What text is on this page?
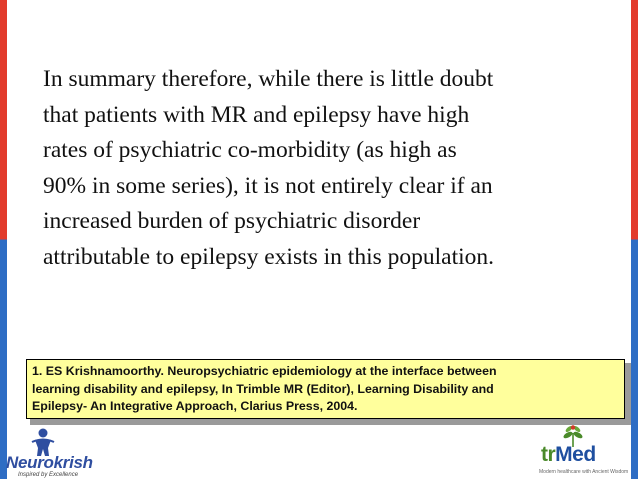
In summary therefore, while there is little doubt
that patients with MR and epilepsy have high
rates of psychiatric co-morbidity (as high as
90% in some series), it is not entirely clear if an
increased burden of psychiatric disorder
attributable to epilepsy exists in this population.
1. ES Krishnamoorthy. Neuropsychiatric epidemiology at the interface between
learning disability and epilepsy, In Trimble MR (Editor), Learning Disability and
Epilepsy- An Integrative Approach, Clarius Press, 2004.
Neurokrish
Inspired by Excellence
trMed
Modern healthcare with Ancient Wisdom
